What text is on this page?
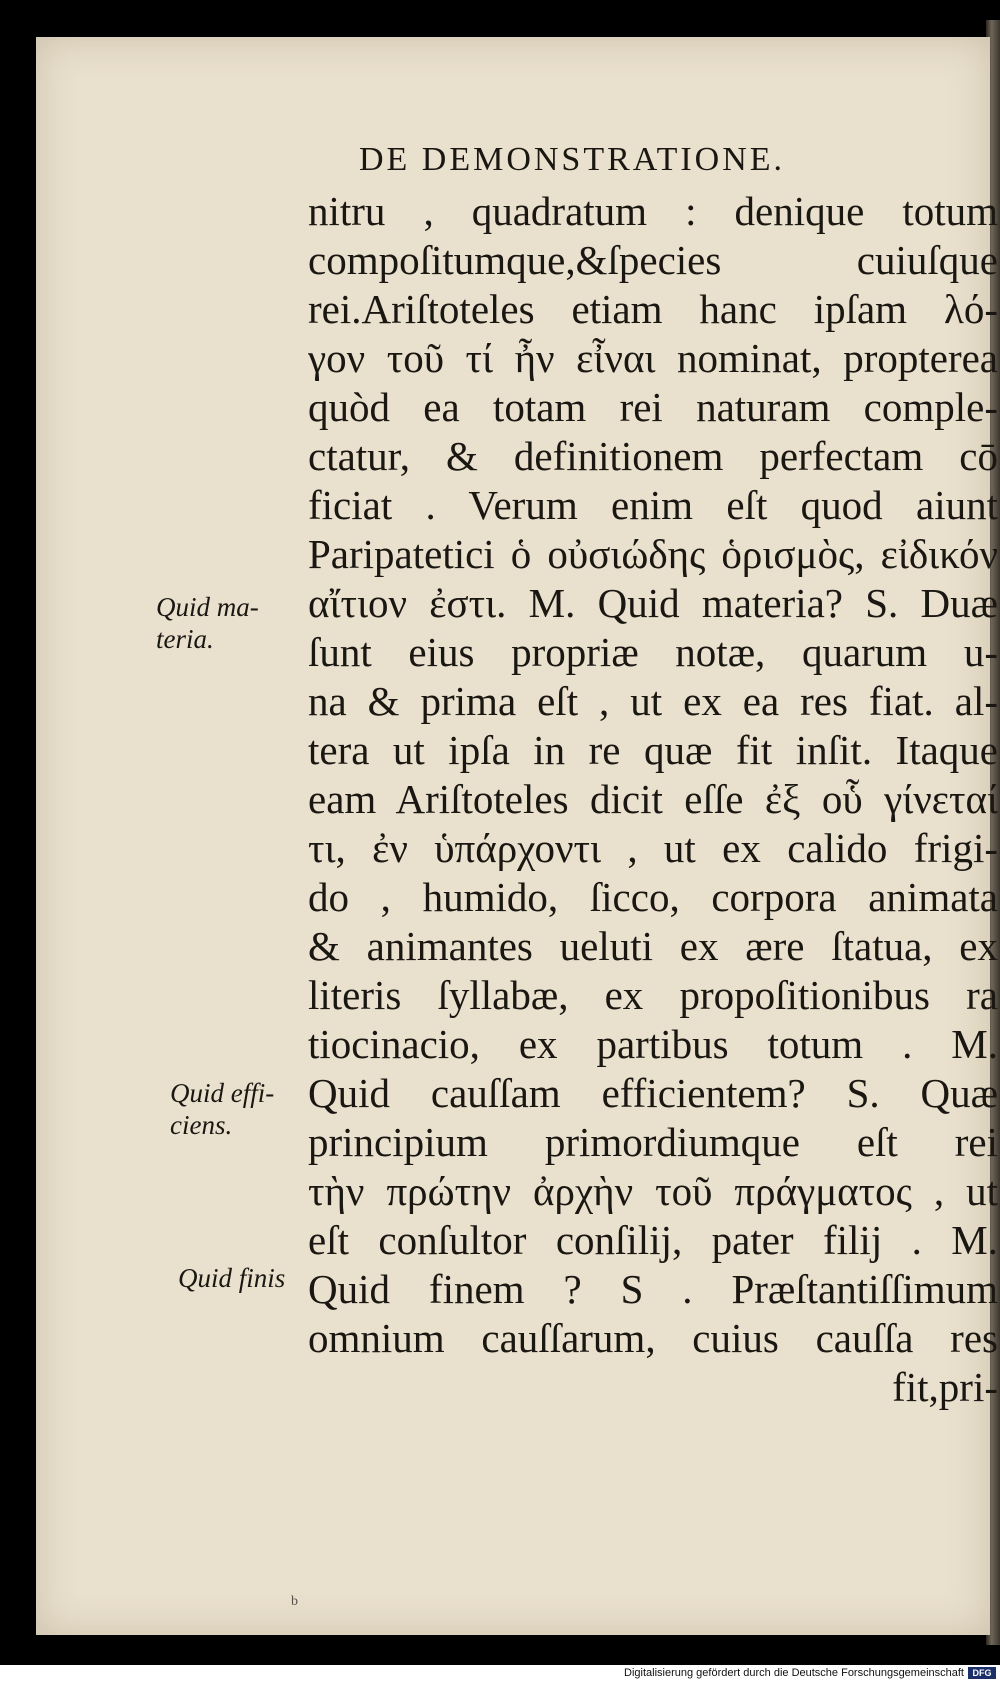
DE DEMONSTRATIONE.
nitru , quadratum : denique totum
compoſitumque,&ſpecies cuiuſque
rei.Ariſtoteles etiam hanc ipſam λό-
γον τοῦ τί ἦν εἶναι nominat, propterea
quòd ea totam rei naturam comple-
ctatur, & definitionem perfectam cō
ficiat . Verum enim eſt quod aiunt
Paripatetici ὁ οὐσιώδης ὁρισμὸς, εἰδικόν
αἴτιον ἐστι. M. Quid materia? S. Duæ
ſunt eius propriæ notæ, quarum u-
na & prima eſt , ut ex ea res fiat. al-
tera ut ipſa in re quæ fit inſit. Itaque
eam Ariſtoteles dicit eſſe ἐξ οὗ γίνεταί
τι, ἐν ὑπάρχοντι , ut ex calido frigi-
do , humido, ſicco, corpora animata
& animantes ueluti ex ære ſtatua, ex
literis ſyllabæ, ex propoſitionibus ra
tiocinacio, ex partibus totum . M.
Quid cauſſam efficientem? S. Quæ
principium primordiumque eſt rei
τὴν πρώτην ἀρχὴν τοῦ πράγματος , ut
eſt conſultor conſilij, pater filij . M.
Quid finem ? S . Præſtantiſſimum
omnium cauſſarum, cuius cauſſa res
fit,pri-
Quid ma- teria.
Quid effi- ciens.
Quid finis
b
Digitalisierung gefördert durch die Deutsche Forschungsgemeinschaft DFG
